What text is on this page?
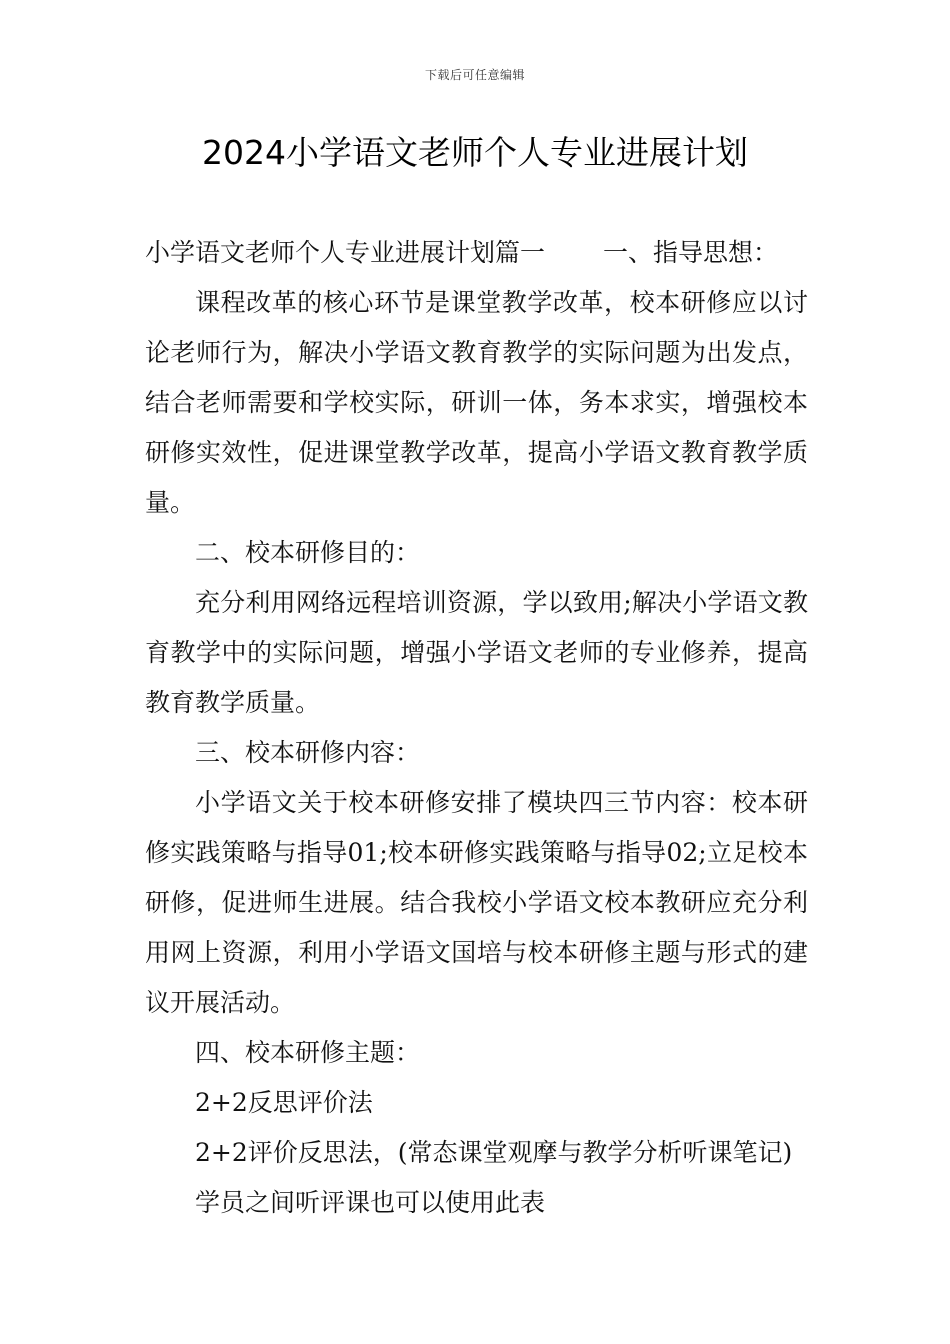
下载后可任意编辑
2024小学语文老师个人专业进展计划

小学语文老师个人专业进展计划篇一 一、指导思想：

课程改革的核心环节是课堂教学改革，校本研修应以讨论老师行为，解决小学语文教育教学的实际问题为出发点，结合老师需要和学校实际，研训一体，务本求实，增强校本研修实效性，促进课堂教学改革，提高小学语文教育教学质量。

二、校本研修目的：

充分利用网络远程培训资源，学以致用;解决小学语文教育教学中的实际问题，增强小学语文老师的专业修养，提高教育教学质量。

三、校本研修内容：

小学语文关于校本研修安排了模块四三节内容：校本研修实践策略与指导01;校本研修实践策略与指导02;立足校本研修，促进师生进展。结合我校小学语文校本教研应充分利用网上资源，利用小学语文国培与校本研修主题与形式的建议开展活动。

四、校本研修主题：

2+2反思评价法

2+2评价反思法，(常态课堂观摩与教学分析听课笔记)

学员之间听评课也可以使用此表
